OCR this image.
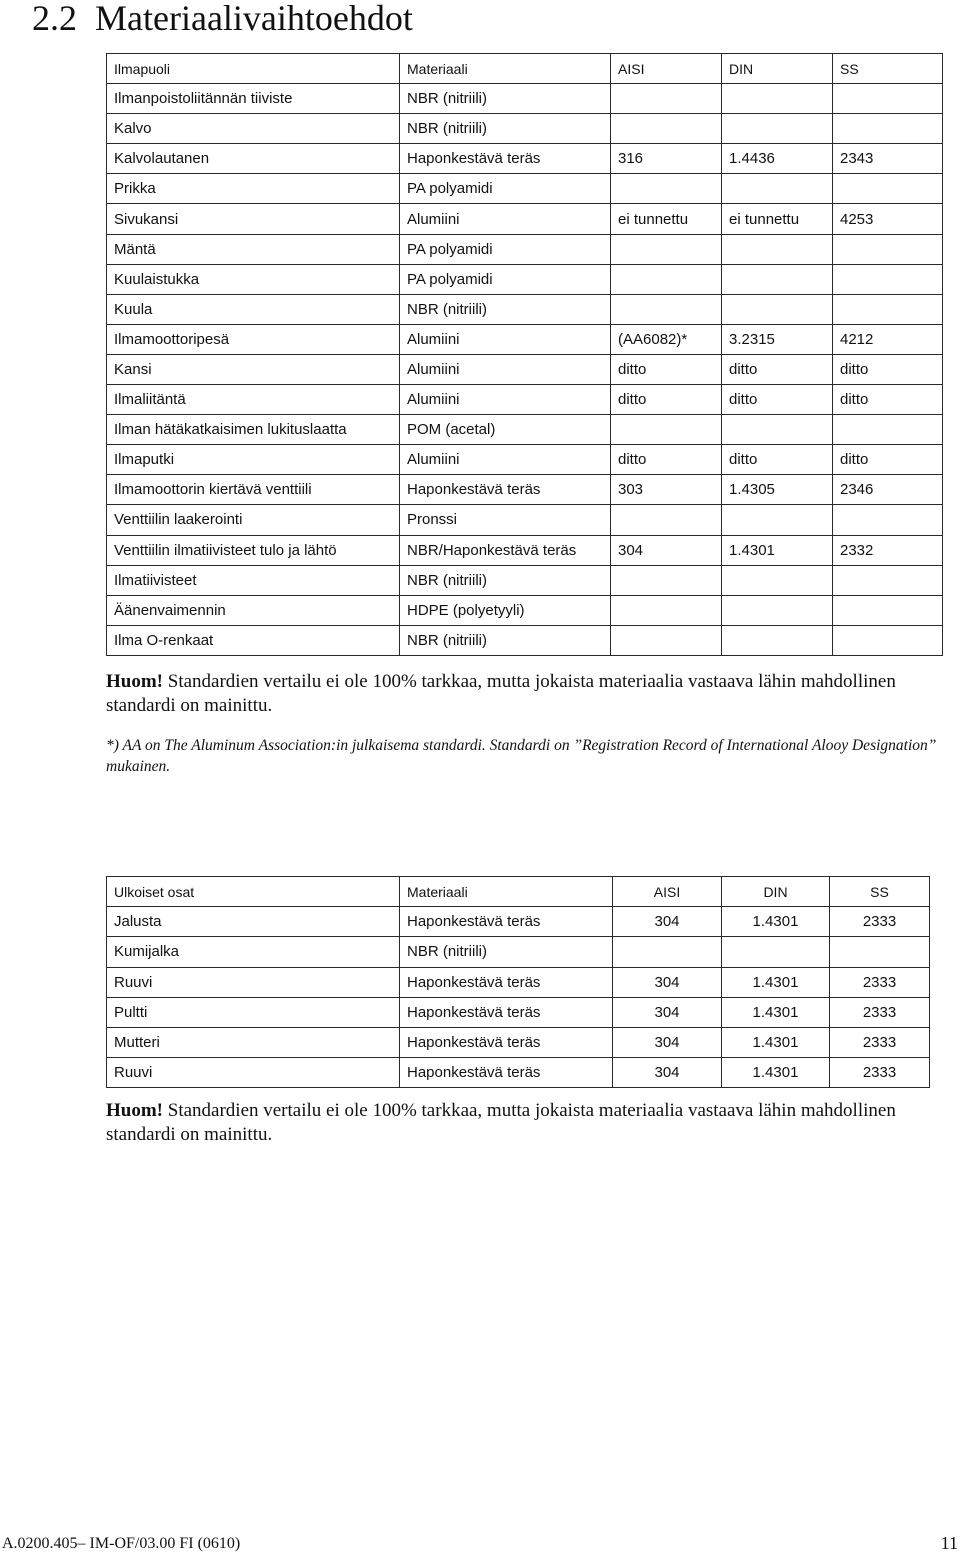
2.2 Materiaalivaihtoehdot
Ilmapuoli	Materiaali	AISI	DIN	SS
Ilmanpoistoliitännän tiiviste	NBR (nitriili)			
Kalvo	NBR (nitriili)			
Kalvolautanen	Haponkestävä teräs	316	1.4436	2343
Prikka	PA polyamidi			
Sivukansi	Alumiini	ei tunnettu	ei tunnettu	4253
Mäntä	PA polyamidi			
Kuulaistukka	PA polyamidi			
Kuula	NBR (nitriili)			
Ilmamoottoripesä	Alumiini	(AA6082)*	3.2315	4212
Kansi	Alumiini	ditto	ditto	ditto
Ilmaliitäntä	Alumiini	ditto	ditto	ditto
Ilman hätäkatkaisimen lukituslaatta	POM (acetal)			
Ilmaputki	Alumiini	ditto	ditto	ditto
Ilmamoottorin kiertävä venttiili	Haponkestävä teräs	303	1.4305	2346
Venttiilin laakerointi	Pronssi			
Venttiilin ilmatiivisteet tulo ja lähtö	NBR/Haponkestävä teräs	304	1.4301	2332
Ilmatiivisteet	NBR (nitriili)			
Äänenvaimennin	HDPE (polyetyyli)			
Ilma O-renkaat	NBR (nitriili)			

Huom! Standardien vertailu ei ole 100% tarkkaa, mutta jokaista materiaalia vastaava lähin mahdollinen standardi on mainittu.

*) AA on The Aluminum Association:in julkaisema standardi. Standardi on ”Registration Record of International Alooy Designation” mukainen.

Ulkoiset osat	Materiaali	AISI	DIN	SS
Jalusta	Haponkestävä teräs	304	1.4301	2333
Kumijalka	NBR (nitriili)			
Ruuvi	Haponkestävä teräs	304	1.4301	2333
Pultti	Haponkestävä teräs	304	1.4301	2333
Mutteri	Haponkestävä teräs	304	1.4301	2333
Ruuvi	Haponkestävä teräs	304	1.4301	2333

Huom! Standardien vertailu ei ole 100% tarkkaa, mutta jokaista materiaalia vastaava lähin mahdollinen standardi on mainittu.

A.0200.405– IM-OF/03.00 FI (0610)	11
